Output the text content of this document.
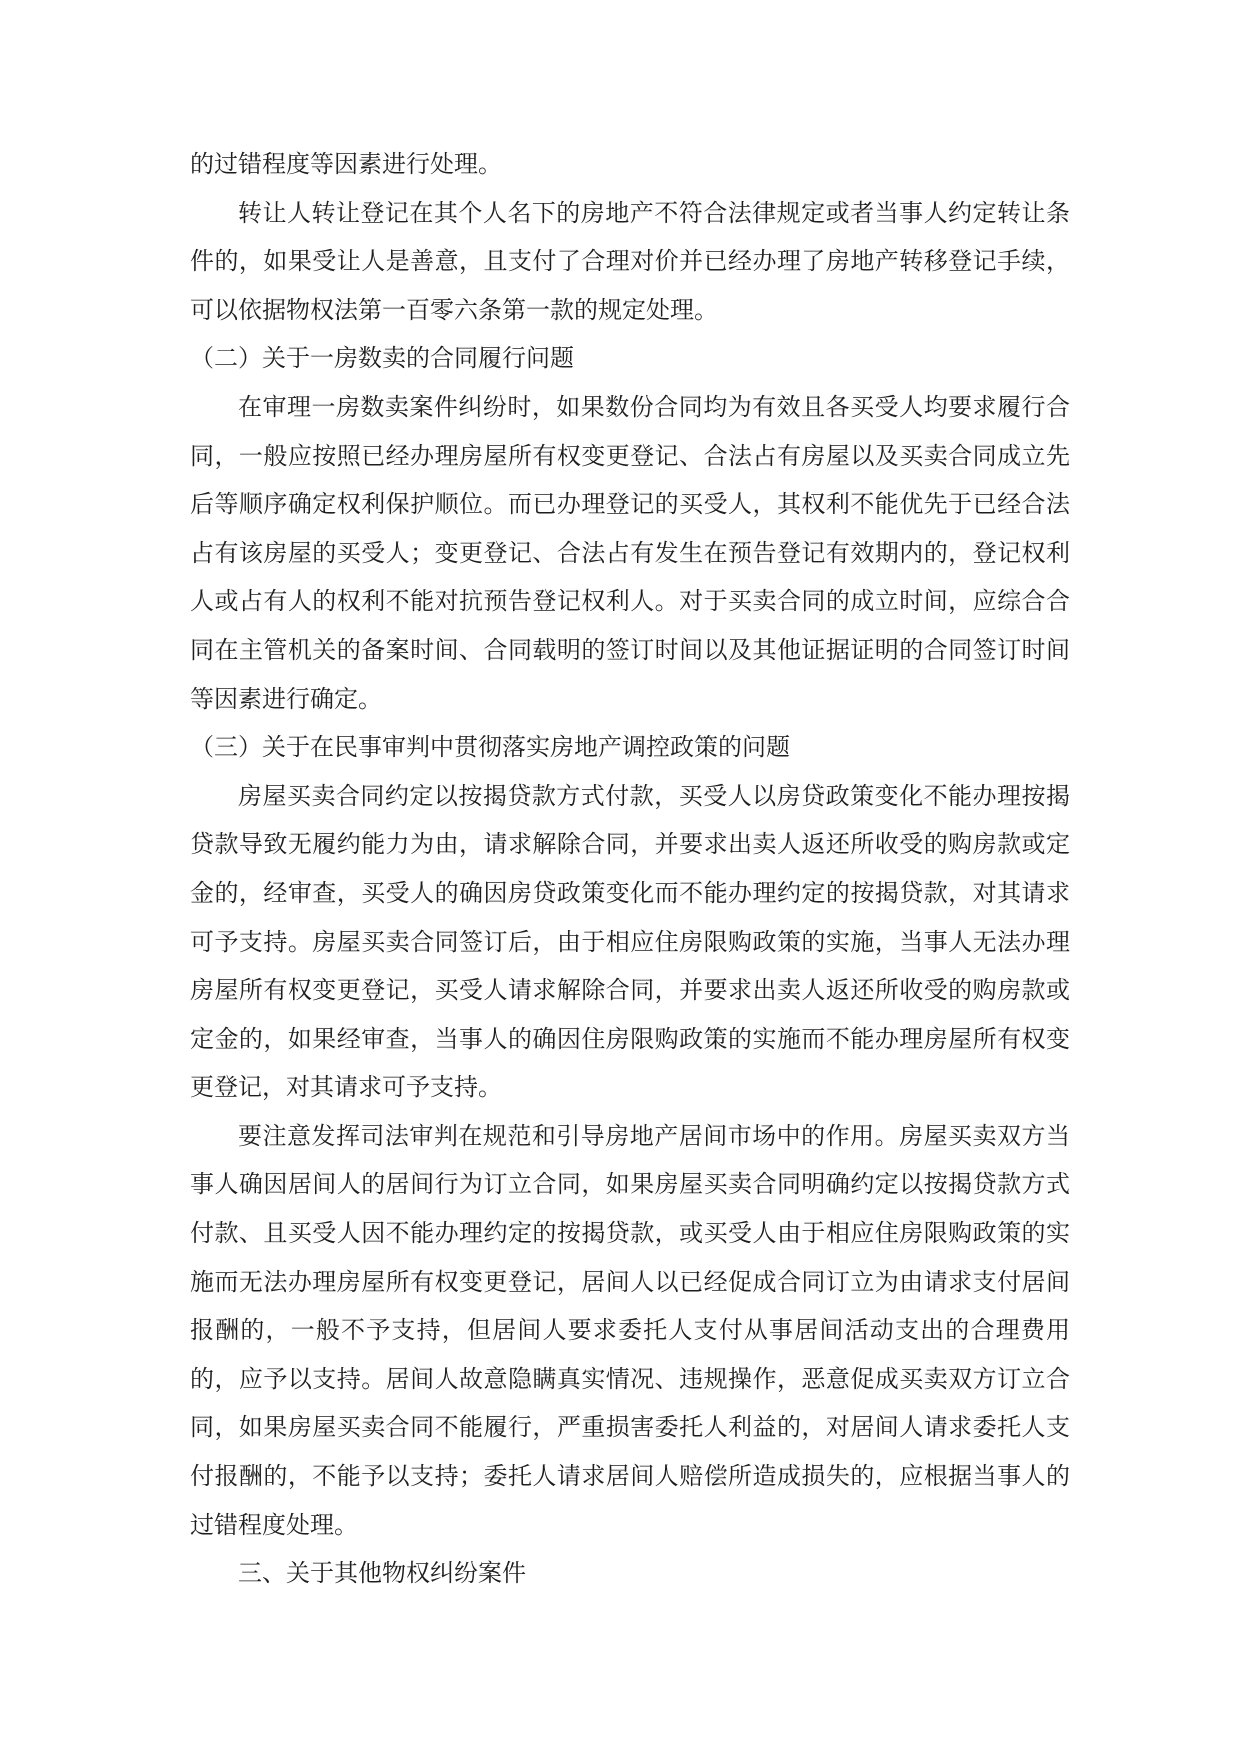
的过错程度等因素进行处理。

转让人转让登记在其个人名下的房地产不符合法律规定或者当事人约定转让条件的，如果受让人是善意，且支付了合理对价并已经办理了房地产转移登记手续，可以依据物权法第一百零六条第一款的规定处理。

（二）关于一房数卖的合同履行问题

在审理一房数卖案件纠纷时，如果数份合同均为有效且各买受人均要求履行合同，一般应按照已经办理房屋所有权变更登记、合法占有房屋以及买卖合同成立先后等顺序确定权利保护顺位。而已办理登记的买受人，其权利不能优先于已经合法占有该房屋的买受人；变更登记、合法占有发生在预告登记有效期内的，登记权利人或占有人的权利不能对抗预告登记权利人。对于买卖合同的成立时间，应综合合同在主管机关的备案时间、合同载明的签订时间以及其他证据证明的合同签订时间等因素进行确定。

（三）关于在民事审判中贯彻落实房地产调控政策的问题

房屋买卖合同约定以按揭贷款方式付款，买受人以房贷政策变化不能办理按揭贷款导致无履约能力为由，请求解除合同，并要求出卖人返还所收受的购房款或定金的，经审查，买受人的确因房贷政策变化而不能办理约定的按揭贷款，对其请求可予支持。房屋买卖合同签订后，由于相应住房限购政策的实施，当事人无法办理房屋所有权变更登记，买受人请求解除合同，并要求出卖人返还所收受的购房款或定金的，如果经审查，当事人的确因住房限购政策的实施而不能办理房屋所有权变更登记，对其请求可予支持。

要注意发挥司法审判在规范和引导房地产居间市场中的作用。房屋买卖双方当事人确因居间人的居间行为订立合同，如果房屋买卖合同明确约定以按揭贷款方式付款、且买受人因不能办理约定的按揭贷款，或买受人由于相应住房限购政策的实施而无法办理房屋所有权变更登记，居间人以已经促成合同订立为由请求支付居间报酬的，一般不予支持，但居间人要求委托人支付从事居间活动支出的合理费用的，应予以支持。居间人故意隐瞒真实情况、违规操作，恶意促成买卖双方订立合同，如果房屋买卖合同不能履行，严重损害委托人利益的，对居间人请求委托人支付报酬的，不能予以支持；委托人请求居间人赔偿所造成损失的，应根据当事人的过错程度处理。

三、关于其他物权纠纷案件
